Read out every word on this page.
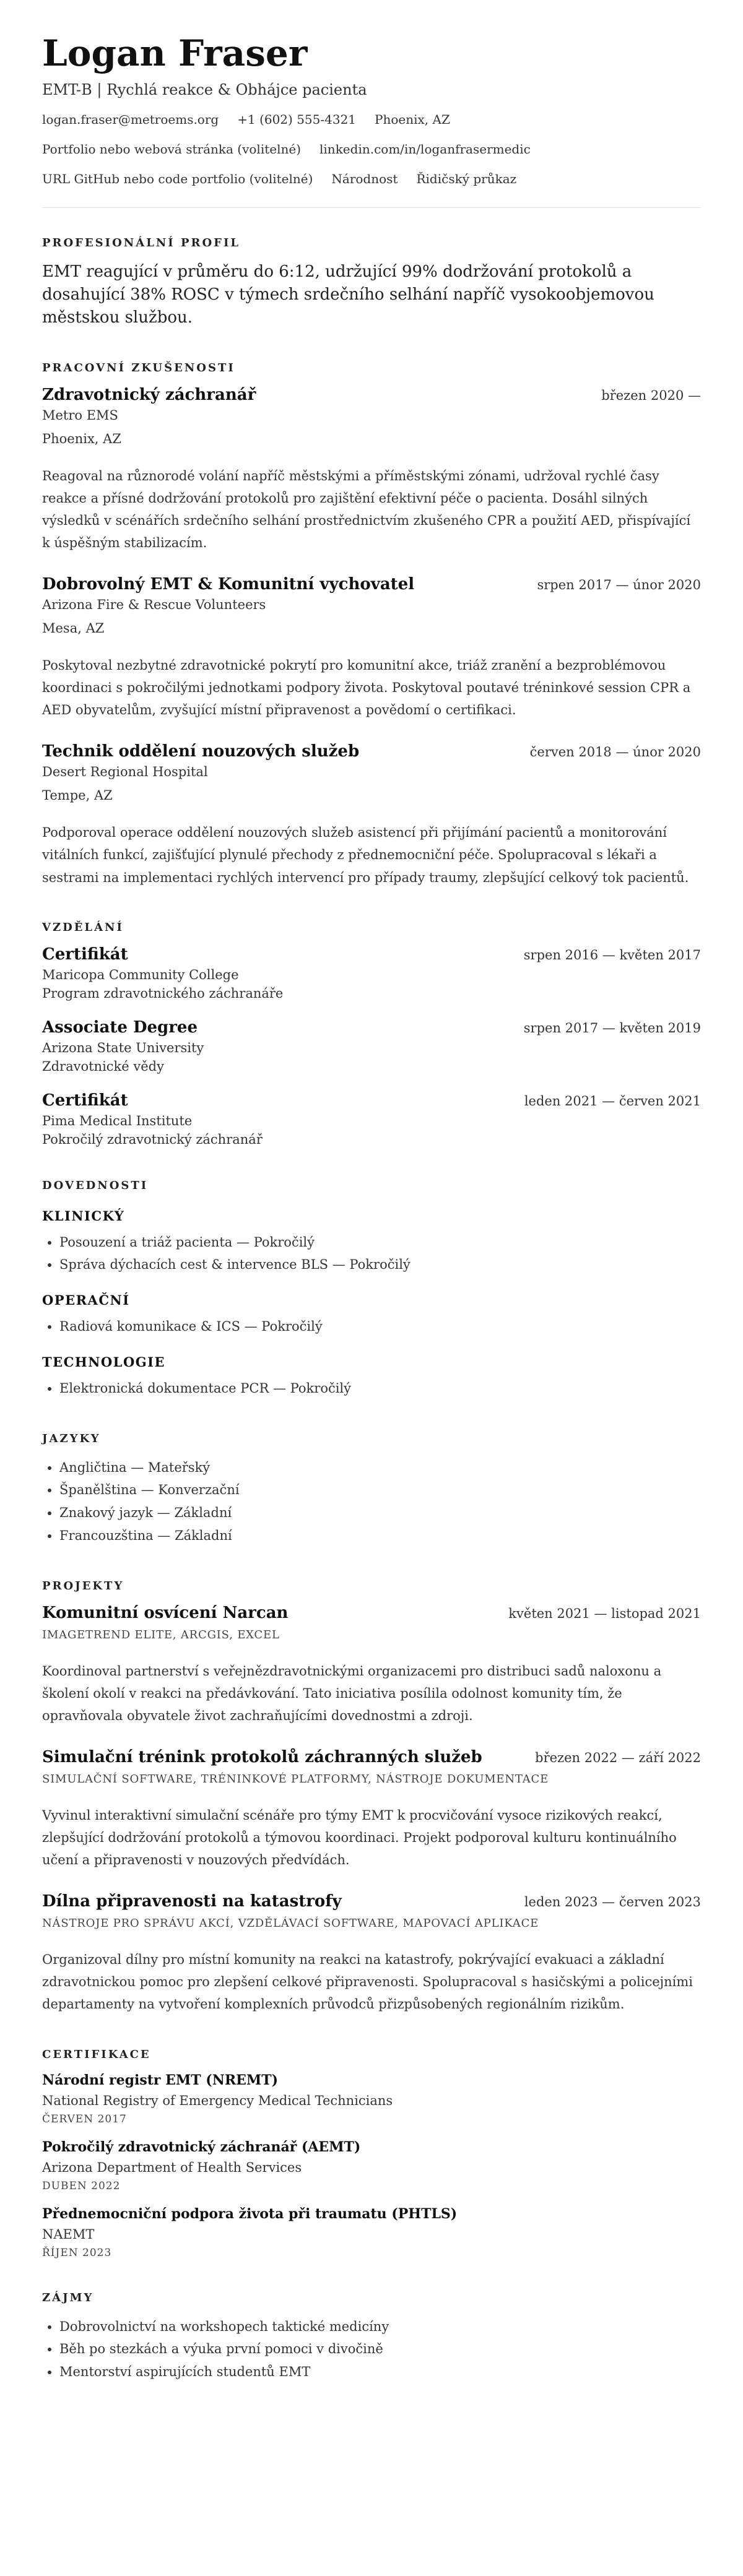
Logan Fraser
EMT-B | Rychlá reakce & Obhájce pacienta
logan.fraser@metroems.org +1 (602) 555-4321 Phoenix, AZ
Portfolio nebo webová stránka (volitelné) linkedin.com/in/loganfrasermedic
URL GitHub nebo code portfolio (volitelné) Národnost Řidičský průkaz
PROFESIONÁLNÍ PROFIL

EMT reagující v průměru do 6:12, udržující 99% dodržování protokolů a dosahující 38% ROSC v týmech srdečního selhání napříč vysokoobjemovou městskou službou.

PRACOVNÍ ZKUŠENOSTI
Zdravotnický záchranář	březen 2020 —
Metro EMS
Phoenix, AZ
Reagoval na různorodé volání napříč městskými a příměstskými zónami, udržoval rychlé časy reakce a přísné dodržování protokolů pro zajištění efektivní péče o pacienta. Dosáhl silných výsledků v scénářích srdečního selhání prostřednictvím zkušeného CPR a použití AED, přispívající k úspěšným stabilizacím.
Dobrovolný EMT & Komunitní vychovatel	srpen 2017 — únor 2020
Arizona Fire & Rescue Volunteers
Mesa, AZ
Poskytoval nezbytné zdravotnické pokrytí pro komunitní akce, triáž zranění a bezproblémovou koordinaci s pokročilými jednotkami podpory života. Poskytoval poutavé tréninkové session CPR a AED obyvatelům, zvyšující místní připravenost a povědomí o certifikaci.
Technik oddělení nouzových služeb	červen 2018 — únor 2020
Desert Regional Hospital
Tempe, AZ
Podporoval operace oddělení nouzových služeb asistencí při přijímání pacientů a monitorování vitálních funkcí, zajišťující plynulé přechody z přednemocniční péče. Spolupracoval s lékaři a sestrami na implementaci rychlých intervencí pro případy traumy, zlepšující celkový tok pacientů.
VZDĚLÁNÍ
Certifikát	srpen 2016 — květen 2017
Maricopa Community College
Program zdravotnického záchranáře
Associate Degree	srpen 2017 — květen 2019
Arizona State University
Zdravotnické vědy
Certifikát	leden 2021 — červen 2021
Pima Medical Institute
Pokročilý zdravotnický záchranář
DOVEDNOSTI
KLINICKÝ
• Posouzení a triáž pacienta — Pokročilý
• Správa dýchacích cest & intervence BLS — Pokročilý
OPERAČNÍ
• Radiová komunikace & ICS — Pokročilý
TECHNOLOGIE
• Elektronická dokumentace PCR — Pokročilý
JAZYKY
• Angličtina — Mateřský
• Španělština — Konverzační
• Znakový jazyk — Základní
• Francouzština — Základní
PROJEKTY
Komunitní osvícení Narcan	květen 2021 — listopad 2021
IMAGETREND ELITE, ARCGIS, EXCEL
Koordinoval partnerství s veřejnězdravotnickými organizacemi pro distribuci sadů naloxonu a školení okolí v reakci na předávkování. Tato iniciativa posílila odolnost komunity tím, že opravňovala obyvatele život zachraňujícími dovednostmi a zdroji.
Simulační trénink protokolů záchranných služeb	březen 2022 — září 2022
SIMULAČNÍ SOFTWARE, TRÉNINKOVÉ PLATFORMY, NÁSTROJE DOKUMENTACE
Vyvinul interaktivní simulační scénáře pro týmy EMT k procvičování vysoce rizikových reakcí, zlepšující dodržování protokolů a týmovou koordinaci. Projekt podporoval kulturu kontinuálního učení a připravenosti v nouzových předvídách.
Dílna připravenosti na katastrofy	leden 2023 — červen 2023
NÁSTROJE PRO SPRÁVU AKCÍ, VZDĚLÁVACÍ SOFTWARE, MAPOVACÍ APLIKACE
Organizoval dílny pro místní komunity na reakci na katastrofy, pokrývající evakuaci a základní zdravotnickou pomoc pro zlepšení celkové připravenosti. Spolupracoval s hasičskými a policejními departamenty na vytvoření komplexních průvodců přizpůsobených regionálním rizikům.
CERTIFIKACE
Národní registr EMT (NREMT)
National Registry of Emergency Medical Technicians
ČERVEN 2017
Pokročilý zdravotnický záchranář (AEMT)
Arizona Department of Health Services
DUBEN 2022
Přednemocniční podpora života při traumatu (PHTLS)
NAEMT
ŘÍJEN 2023
ZÁJMY
• Dobrovolnictví na workshopech taktické medicíny
• Běh po stezkách a výuka první pomoci v divočině
• Mentorství aspirujících studentů EMT
